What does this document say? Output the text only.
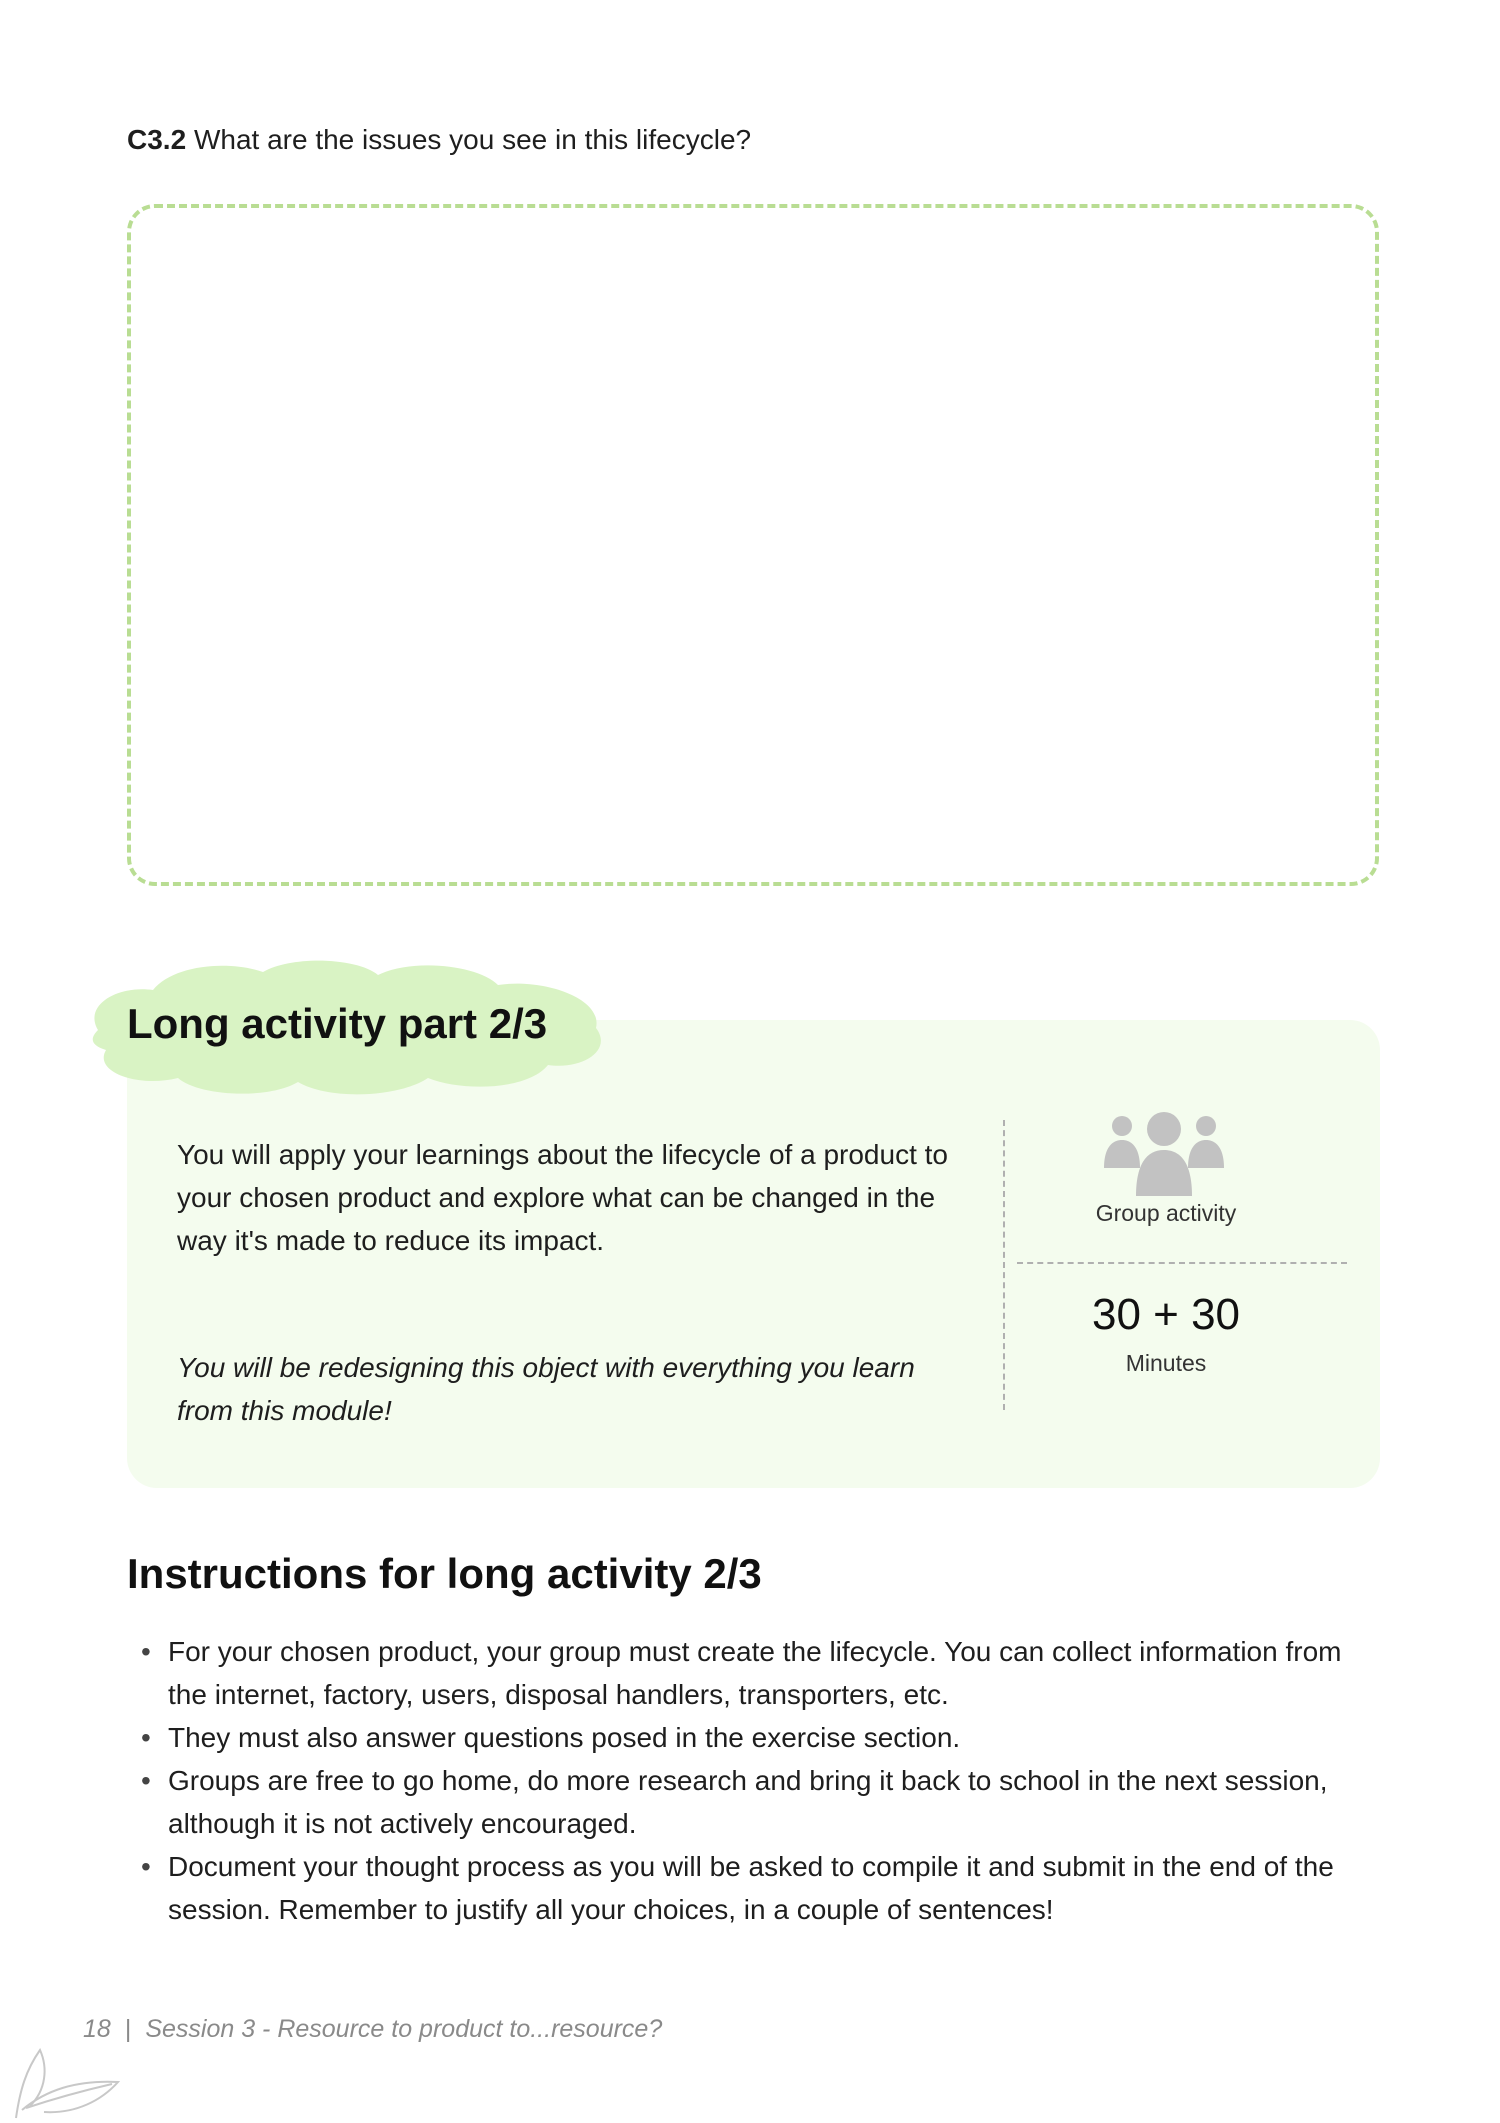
C3.2 What are the issues you see in this lifecycle?
Long activity part 2/3
You will apply your learnings about the lifecycle of a product to your chosen product and explore what can be changed in the way it's made to reduce its impact.
You will be redesigning this object with everything you learn from this module!
Group activity
30 + 30
Minutes
Instructions for long activity 2/3
• For your chosen product, your group must create the lifecycle. You can collect information from the internet, factory, users, disposal handlers, transporters, etc.
• They must also answer questions posed in the exercise section.
• Groups are free to go home, do more research and bring it back to school in the next session, although it is not actively encouraged.
• Document your thought process as you will be asked to compile it and submit in the end of the session. Remember to justify all your choices, in a couple of sentences!
18 | Session 3 - Resource to product to...resource?
